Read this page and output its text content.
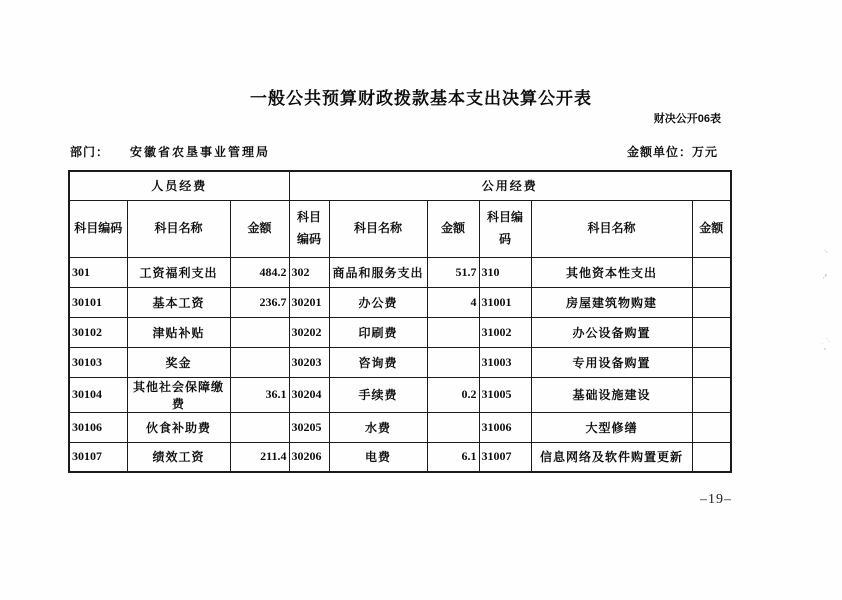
一般公共预算财政拨款基本支出决算公开表
财决公开06表
部门： 安徽省农垦事业管理局	金额单位：万元
人员经费			公用经费					
科目编码	科目名称	金额	科目编码	科目名称	金额	科目编码	科目名称	金额
301	工资福利支出	484.2	302	商品和服务支出	51.7	310	其他资本性支出	
30101	基本工资	236.7	30201	办公费	4	31001	房屋建筑物购建	
30102	津贴补贴		30202	印刷费		31002	办公设备购置	
30103	奖金		30203	咨询费		31003	专用设备购置	
30104	其他社会保障缴费	36.1	30204	手续费	0.2	31005	基础设施建设	
30106	伙食补助费		30205	水费		31006	大型修缮	
30107	绩效工资	211.4	30206	电费	6.1	31007	信息网络及软件购置更新	
–19–
·,
,ˢ
·ˌ
˙˷
